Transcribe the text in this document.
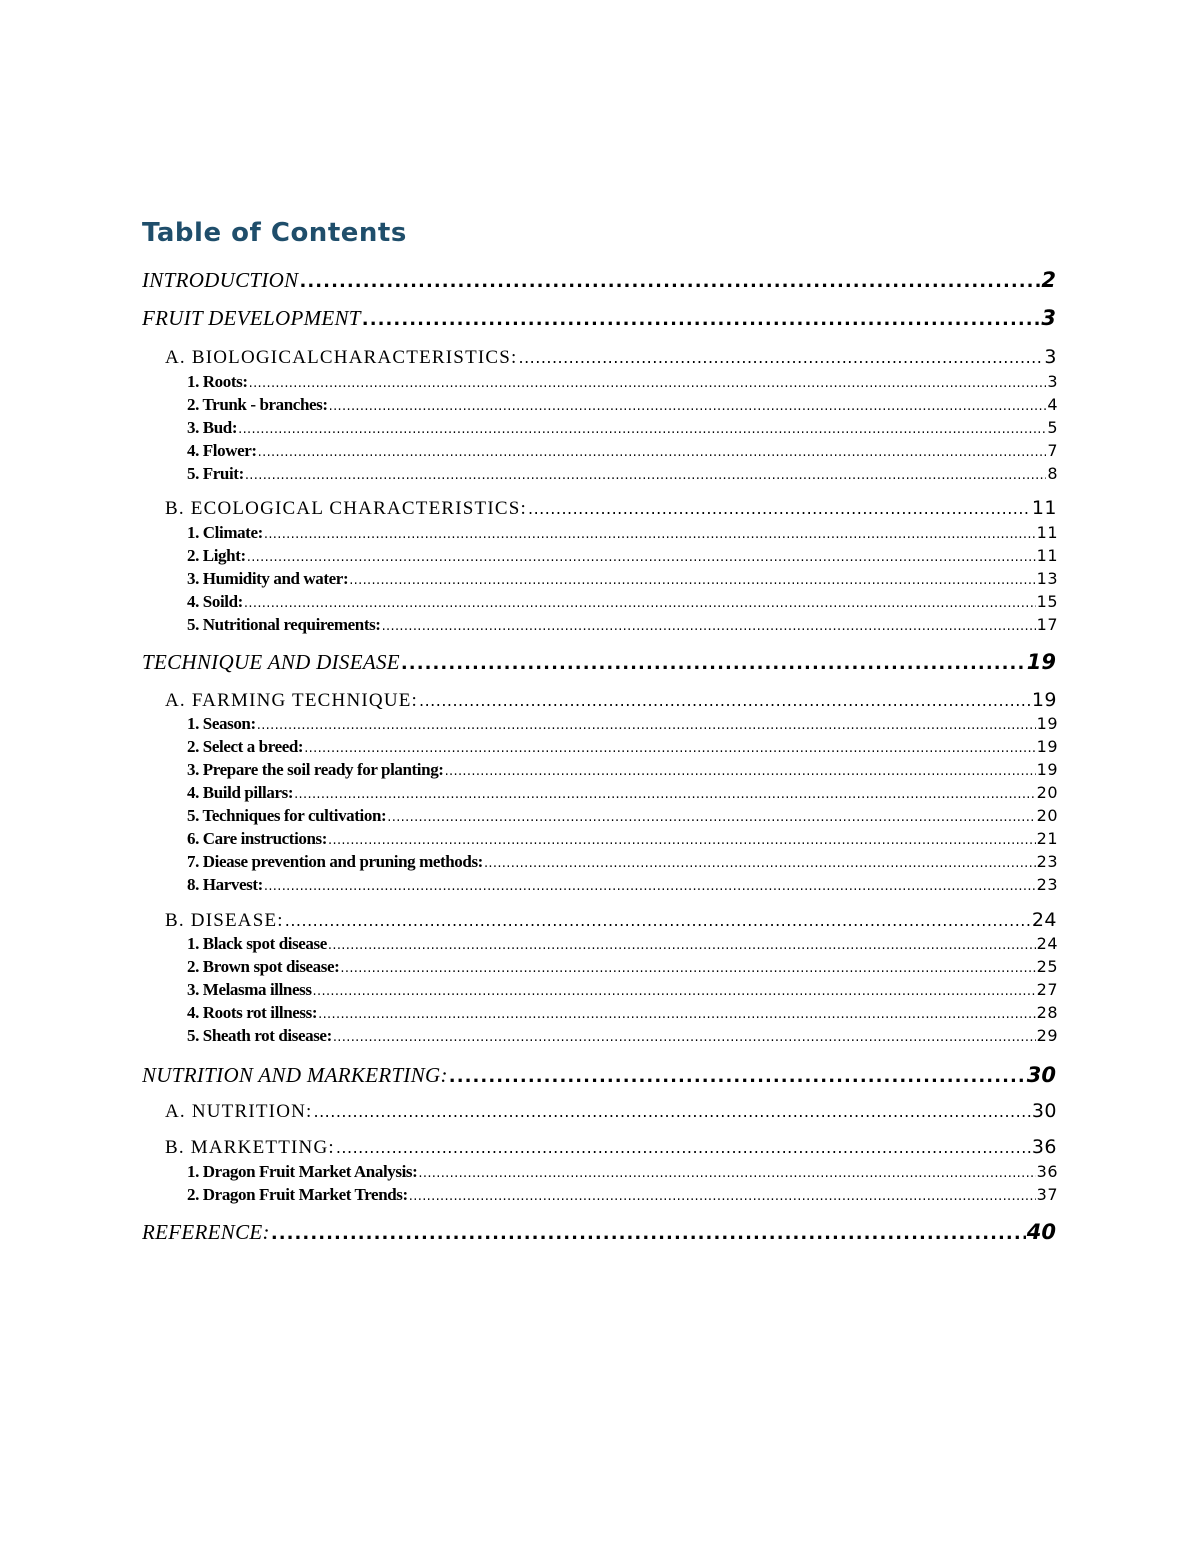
Table of Contents
INTRODUCTION . . .	2
FRUIT DEVELOPMENT . . .	3
A. BIOLOGICALCHARACTERISTICS: . . .	3
1. Roots: . . .	3
2. Trunk - branches: . . .	4
3. Bud: . . .	5
4. Flower: . . .	7
5. Fruit: . . .	8
B. ECOLOGICAL CHARACTERISTICS: . . .	11
1. Climate: . . .	11
2. Light: . . .	11
3. Humidity and water: . . .	13
4. Soild: . . .	15
5. Nutritional requirements: . . .	17
TECHNIQUE AND DISEASE . . .	19
A. FARMING TECHNIQUE: . . .	19
1. Season: . . .	19
2. Select a breed: . . .	19
3. Prepare the soil ready for planting: . . .	19
4. Build pillars: . . .	20
5. Techniques for cultivation: . . .	20
6. Care instructions: . . .	21
7. Diease prevention and pruning methods: . . .	23
8. Harvest: . . .	23
B. DISEASE: . . .	24
1. Black spot disease . . .	24
2. Brown spot disease: . . .	25
3. Melasma illness . . .	27
4. Roots rot illness: . . .	28
5. Sheath rot disease: . . .	29
NUTRITION AND MARKERTING: . . .	30
A. NUTRITION: . . .	30
B. MARKETTING: . . .	36
1. Dragon Fruit Market Analysis: . . .	36
2. Dragon Fruit Market Trends: . . .	37
REFERENCE: . . .	40
